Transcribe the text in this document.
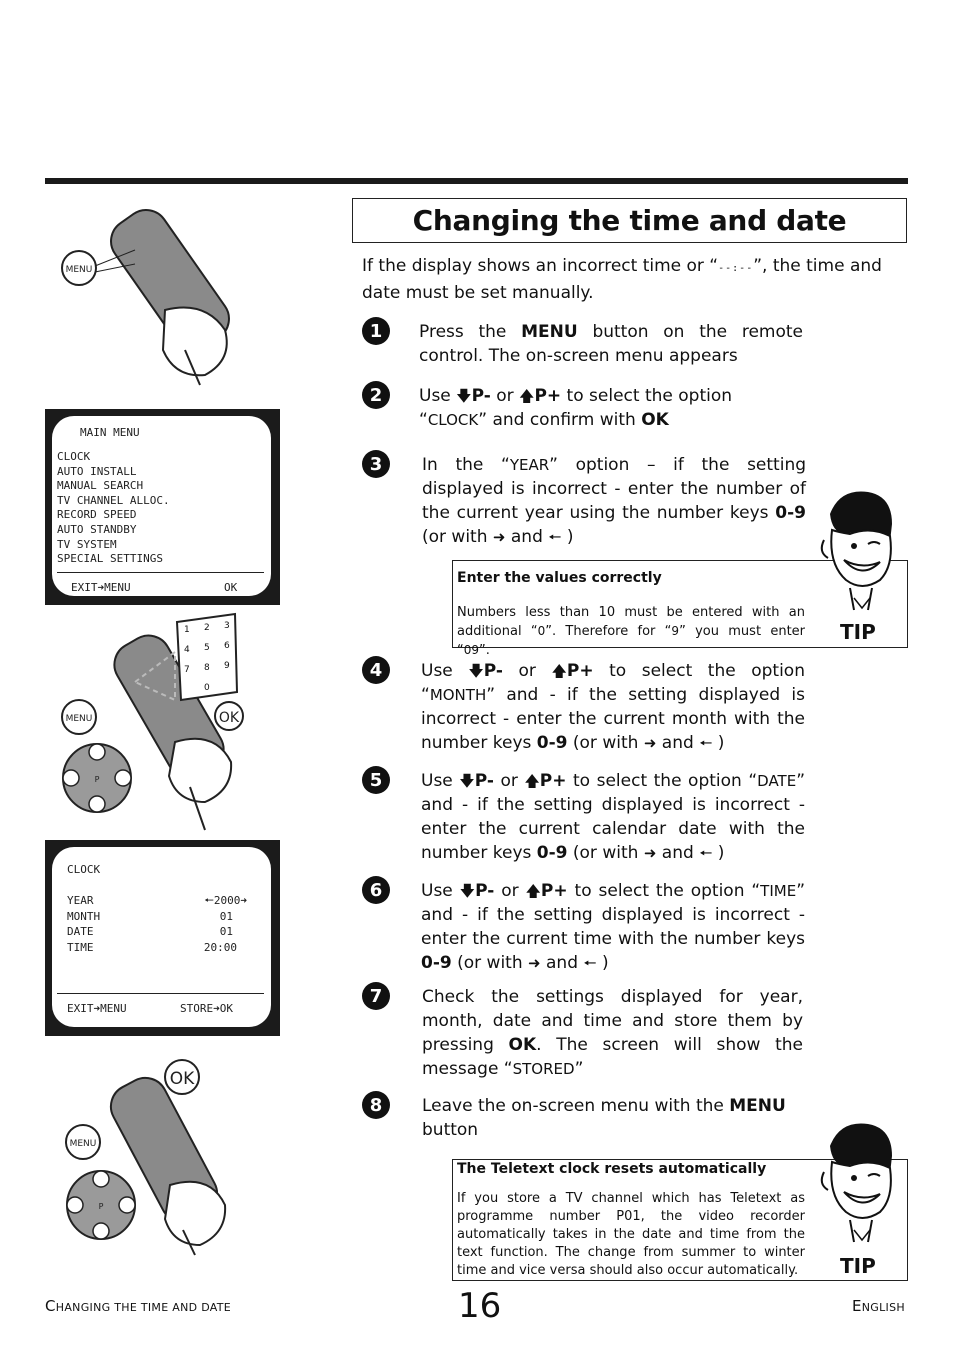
Changing the time and date
If the display shows an incorrect time or “--:--”, the time and date must be set manually.
1	Press the MENU button on the remote control. The on-screen menu appears
2	Use 🡇P- or 🡅P+ to select the option “CLOCK” and confirm with OK
3	In the “YEAR” option – if the setting displayed is incorrect - enter the number of the current year using the number keys 0-9 (or with ➜ and 🠔 )
Enter the values correctly
Numbers less than 10 must be entered with an additional “0”. Therefore for “9” you must enter “09”.
TIP
4	Use 🡇P- or 🡅P+ to select the option “MONTH” and - if the setting displayed is incorrect - enter the current month with the number keys 0-9 (or with ➜ and 🠔 )
5	Use 🡇P- or 🡅P+ to select the option “DATE” and - if the setting displayed is incorrect - enter the current calendar date with the number keys 0-9 (or with ➜ and 🠔 )
6	Use 🡇P- or 🡅P+ to select the option “TIME” and - if the setting displayed is incorrect - enter the current time with the number keys 0-9 (or with ➜ and 🠔 )
7	Check the settings displayed for year, month, date and time and store them by pressing OK. The screen will show the message “STORED”
8	Leave the on-screen menu with the MENU button
The Teletext clock resets automatically
If you store a TV channel which has Teletext as programme number P01, the video recorder automatically takes in the date and time from the text function. The change from summer to winter time and vice versa should also occur automatically.	TIP
MENU
MAIN MENU
CLOCK
AUTO INSTALL
MANUAL SEARCH
TV CHANNEL ALLOC.
RECORD SPEED
AUTO STANDBY
TV SYSTEM
SPECIAL SETTINGS
EXIT➜MENU	OK
MENU	OK
P
1 2 3
4 5 6
7 8 9
0
CLOCK
YEAR	🠔2000➜
MONTH	01
DATE	01
TIME	20:00
EXIT➜MENU	STORE➜OK
OK
MENU
P
CHANGING THE TIME AND DATE	16	ENGLISH
